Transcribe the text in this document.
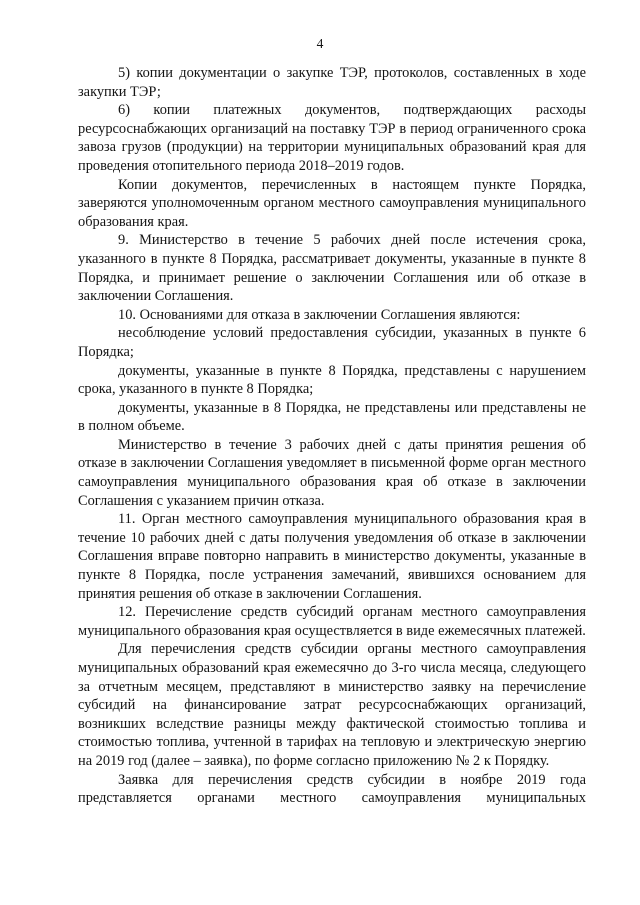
4

5) копии документации о закупке ТЭР, протоколов, составленных в ходе закупки ТЭР;

6) копии платежных документов, подтверждающих расходы ресурсоснабжающих организаций на поставку ТЭР в период ограниченного срока завоза грузов (продукции) на территории муниципальных образований края для проведения отопительного периода 2018–2019 годов.

Копии документов, перечисленных в настоящем пункте Порядка, заверяются уполномоченным органом местного самоуправления муниципального образования края.

9. Министерство в течение 5 рабочих дней после истечения срока, указанного в пункте 8 Порядка, рассматривает документы, указанные в пункте 8 Порядка, и принимает решение о заключении Соглашения или об отказе в заключении Соглашения.

10. Основаниями для отказа в заключении Соглашения являются:

несоблюдение условий предоставления субсидии, указанных в пункте 6 Порядка;

документы, указанные в пункте 8 Порядка, представлены с нарушением срока, указанного в пункте 8 Порядка;

документы, указанные в 8 Порядка, не представлены или представлены не в полном объеме.

Министерство в течение 3 рабочих дней с даты принятия решения об отказе в заключении Соглашения уведомляет в письменной форме орган местного самоуправления муниципального образования края об отказе в заключении Соглашения с указанием причин отказа.

11. Орган местного самоуправления муниципального образования края в течение 10 рабочих дней с даты получения уведомления об отказе в заключении Соглашения вправе повторно направить в министерство документы, указанные в пункте 8 Порядка, после устранения замечаний, явившихся основанием для принятия решения об отказе в заключении Соглашения.

12. Перечисление средств субсидий органам местного самоуправления муниципального образования края осуществляется в виде ежемесячных платежей.

Для перечисления средств субсидии органы местного самоуправления муниципальных образований края ежемесячно до 3-го числа месяца, следующего за отчетным месяцем, представляют в министерство заявку на перечисление субсидий на финансирование затрат ресурсоснабжающих организаций, возникших вследствие разницы между фактической стоимостью топлива и стоимостью топлива, учтенной в тарифах на тепловую и электрическую энергию на 2019 год (далее – заявка), по форме согласно приложению № 2 к Порядку.

Заявка для перечисления средств субсидии в ноябре 2019 года представляется органами местного самоуправления муниципальных
